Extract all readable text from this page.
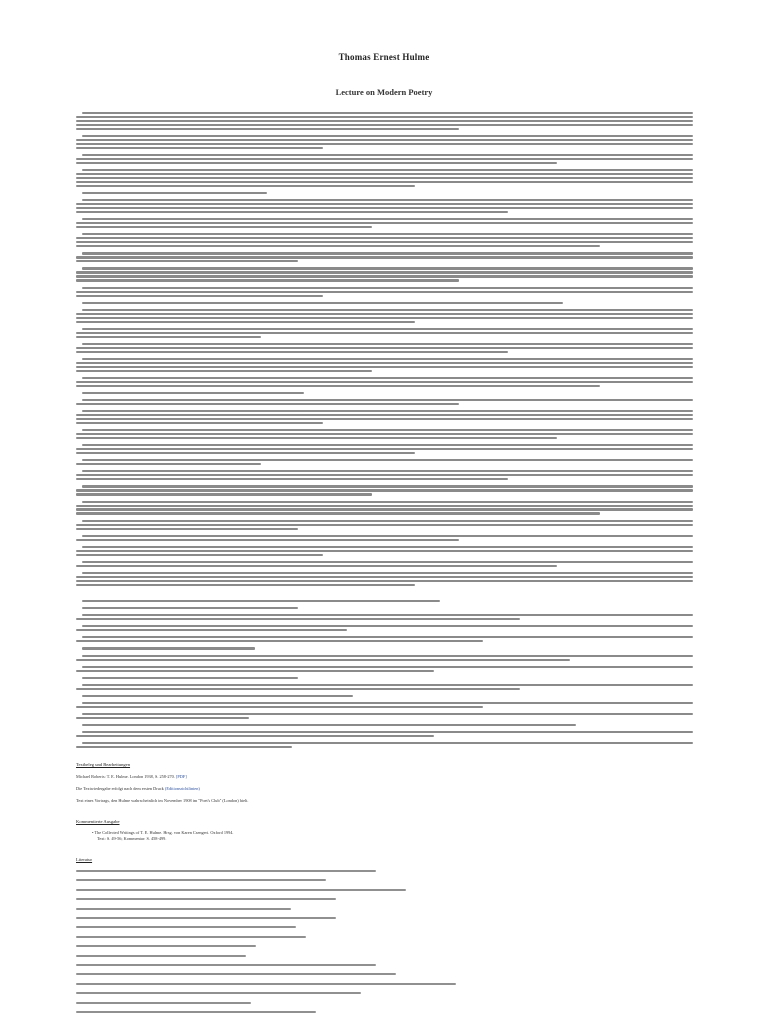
Thomas Ernest Hulme
Lecture on Modern Poetry
Textbeleg und Bearbeitungen
Michael Roberts: T. E. Hulme. London 1938, S. 258-270. [PDF]
Die Textwiedergabe erfolgt nach dem ersten Druck (Editionsrichtlinien)
Text eines Vortrags, den Hulme wahrscheinlich im November 1908 im "Poet's Club" (London) hielt.
Kommentierte Ausgabe
• The Collected Writings of T. E. Hulme. Hrsg. von Karen Csengeri. Oxford 1994.
Text: S. 49-56; Kommentar: S. 458-499.
Literatur
